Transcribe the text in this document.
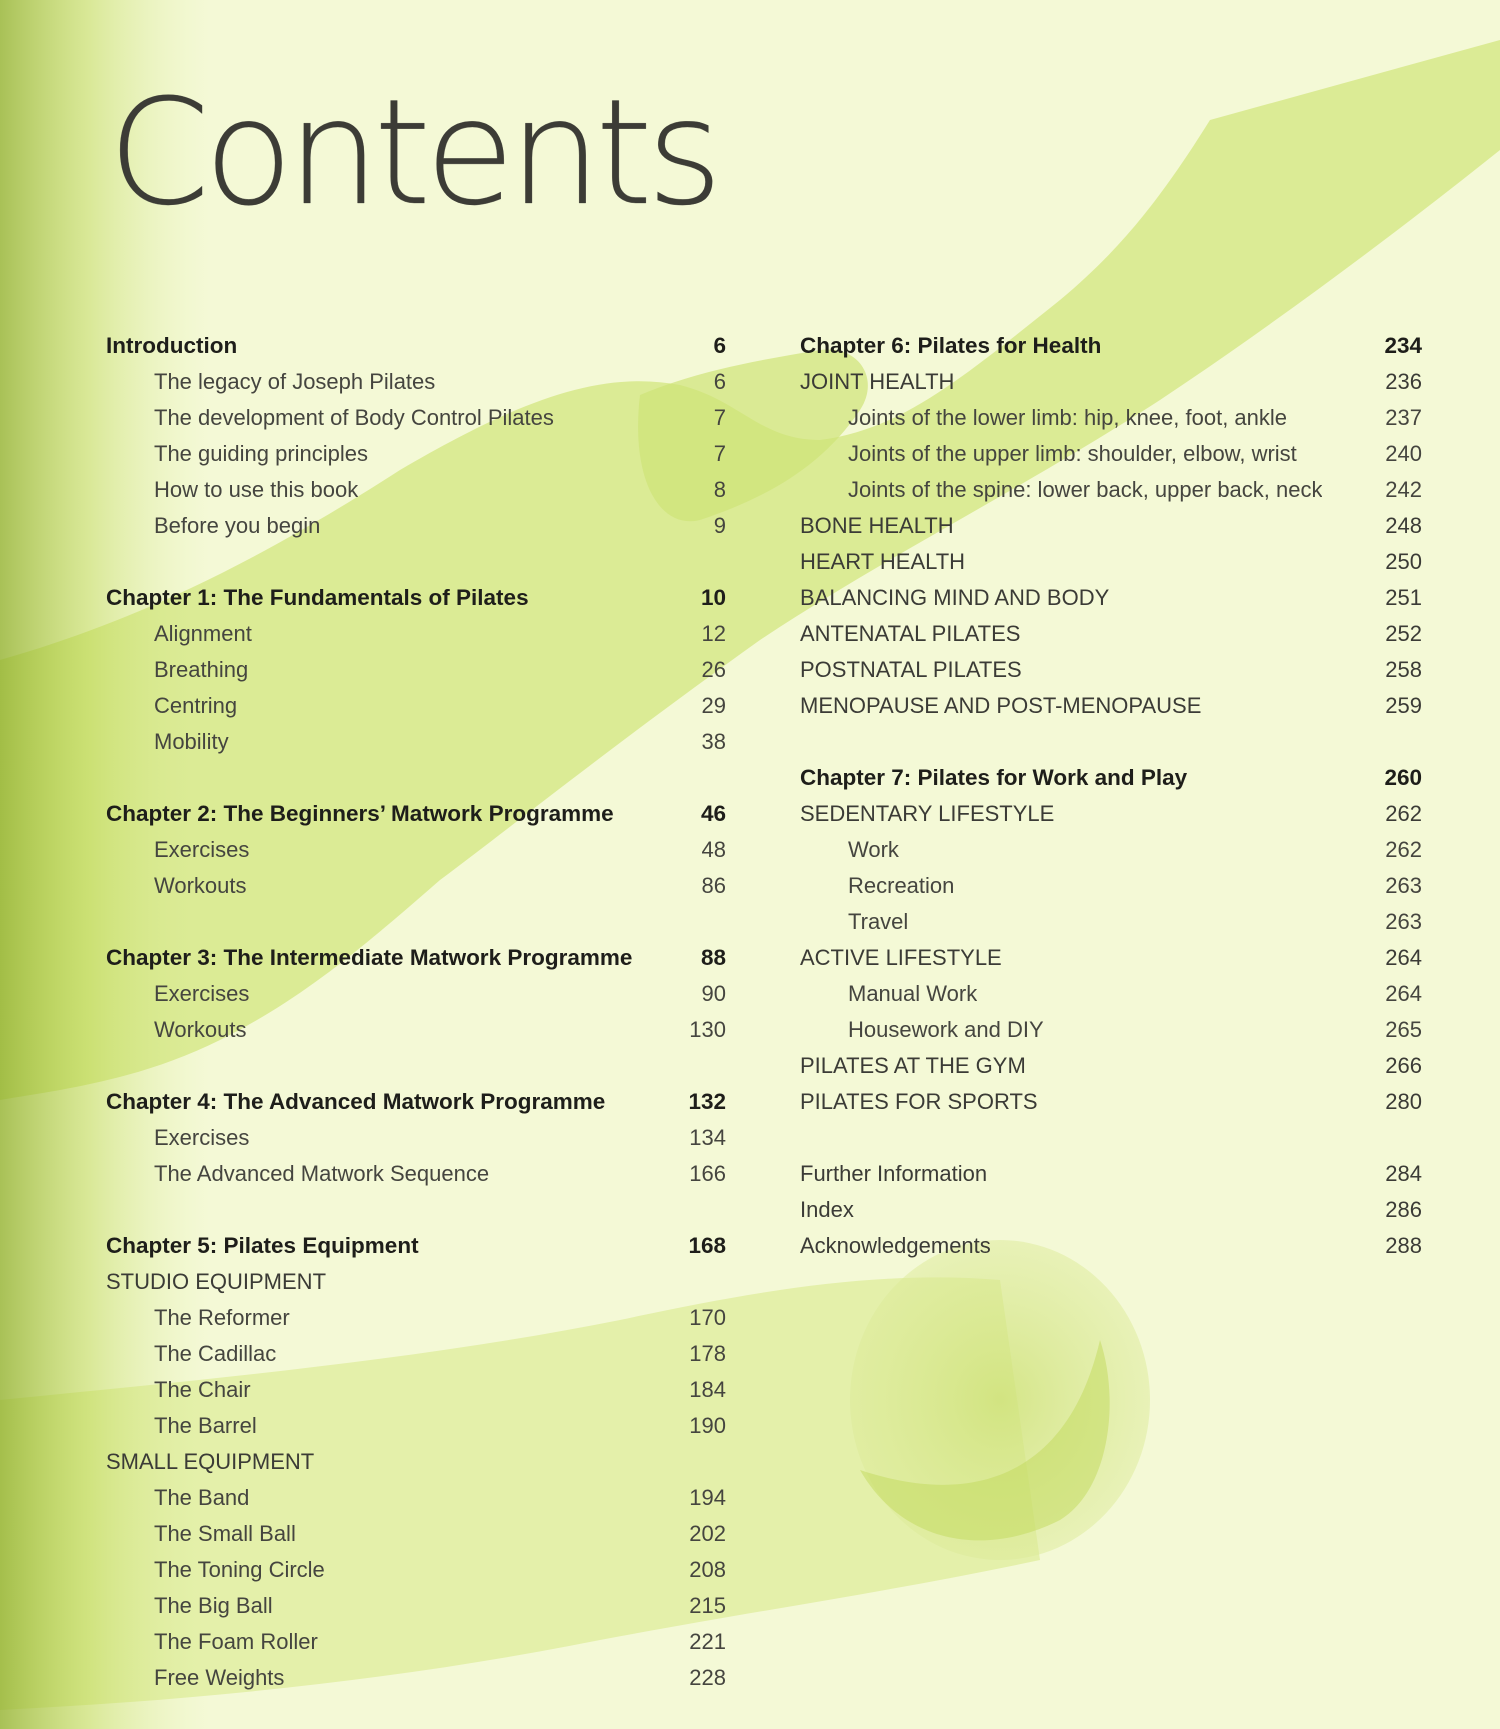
Contents
Introduction	6
The legacy of Joseph Pilates	6
The development of Body Control Pilates	7
The guiding principles	7
How to use this book	8
Before you begin	9
Chapter 1: The Fundamentals of Pilates	10
Alignment	12
Breathing	26
Centring	29
Mobility	38
Chapter 2: The Beginners’ Matwork Programme	46
Exercises	48
Workouts	86
Chapter 3: The Intermediate Matwork Programme	88
Exercises	90
Workouts	130
Chapter 4: The Advanced Matwork Programme	132
Exercises	134
The Advanced Matwork Sequence	166
Chapter 5: Pilates Equipment	168
STUDIO EQUIPMENT
The Reformer	170
The Cadillac	178
The Chair	184
The Barrel	190
SMALL EQUIPMENT
The Band	194
The Small Ball	202
The Toning Circle	208
The Big Ball	215
The Foam Roller	221
Free Weights	228
Chapter 6: Pilates for Health	234
JOINT HEALTH	236
Joints of the lower limb: hip, knee, foot, ankle	237
Joints of the upper limb: shoulder, elbow, wrist	240
Joints of the spine: lower back, upper back, neck	242
BONE HEALTH	248
HEART HEALTH	250
BALANCING MIND AND BODY	251
ANTENATAL PILATES	252
POSTNATAL PILATES	258
MENOPAUSE AND POST-MENOPAUSE	259
Chapter 7: Pilates for Work and Play	260
SEDENTARY LIFESTYLE	262
Work	262
Recreation	263
Travel	263
ACTIVE LIFESTYLE	264
Manual Work	264
Housework and DIY	265
PILATES AT THE GYM	266
PILATES FOR SPORTS	280
Further Information	284
Index	286
Acknowledgements	288
